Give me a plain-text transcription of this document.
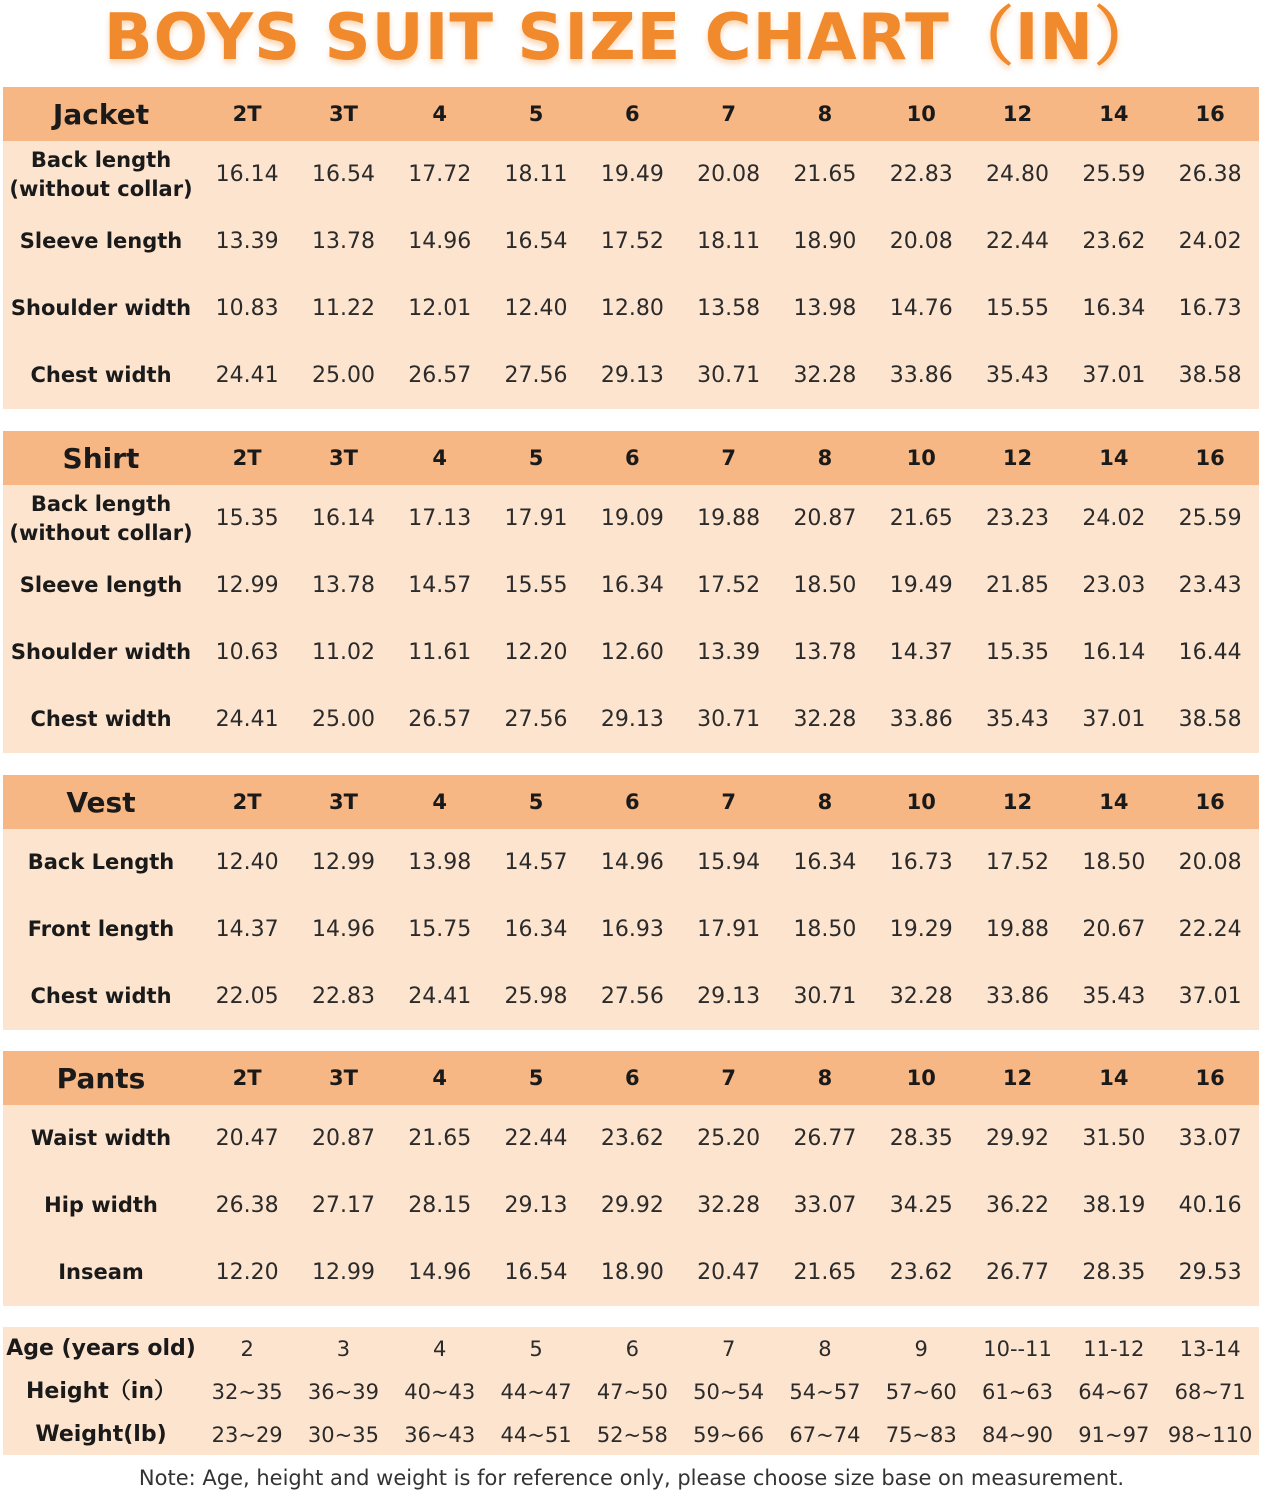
BOYS SUIT SIZE CHART（IN）
Jacket	2T	3T	4	5	6	7	8	10	12	14	16
Back length
(without collar)
16.14	16.54	17.72	18.11	19.49	20.08	21.65	22.83	24.80	25.59	26.38
Sleeve length	13.39	13.78	14.96	16.54	17.52	18.11	18.90	20.08	22.44	23.62	24.02
Shoulder width	10.83	11.22	12.01	12.40	12.80	13.58	13.98	14.76	15.55	16.34	16.73
Chest width	24.41	25.00	26.57	27.56	29.13	30.71	32.28	33.86	35.43	37.01	38.58
Shirt	2T	3T	4	5	6	7	8	10	12	14	16
Back length
(without collar)
15.35	16.14	17.13	17.91	19.09	19.88	20.87	21.65	23.23	24.02	25.59
Sleeve length	12.99	13.78	14.57	15.55	16.34	17.52	18.50	19.49	21.85	23.03	23.43
Shoulder width	10.63	11.02	11.61	12.20	12.60	13.39	13.78	14.37	15.35	16.14	16.44
Chest width	24.41	25.00	26.57	27.56	29.13	30.71	32.28	33.86	35.43	37.01	38.58
Vest	2T	3T	4	5	6	7	8	10	12	14	16
Back Length	12.40	12.99	13.98	14.57	14.96	15.94	16.34	16.73	17.52	18.50	20.08
Front length	14.37	14.96	15.75	16.34	16.93	17.91	18.50	19.29	19.88	20.67	22.24
Chest width	22.05	22.83	24.41	25.98	27.56	29.13	30.71	32.28	33.86	35.43	37.01
Pants	2T	3T	4	5	6	7	8	10	12	14	16
Waist width	20.47	20.87	21.65	22.44	23.62	25.20	26.77	28.35	29.92	31.50	33.07
Hip width	26.38	27.17	28.15	29.13	29.92	32.28	33.07	34.25	36.22	38.19	40.16
Inseam	12.20	12.99	14.96	16.54	18.90	20.47	21.65	23.62	26.77	28.35	29.53
Age (years old)	2	3	4	5	6	7	8	9	10--11	11-12	13-14
Height（in）	32~35	36~39	40~43	44~47	47~50	50~54	54~57	57~60	61~63	64~67	68~71
Weight(lb)	23~29	30~35	36~43	44~51	52~58	59~66	67~74	75~83	84~90	91~97 98~110
Note: Age, height and weight is for reference only, please choose size base on measurement.
